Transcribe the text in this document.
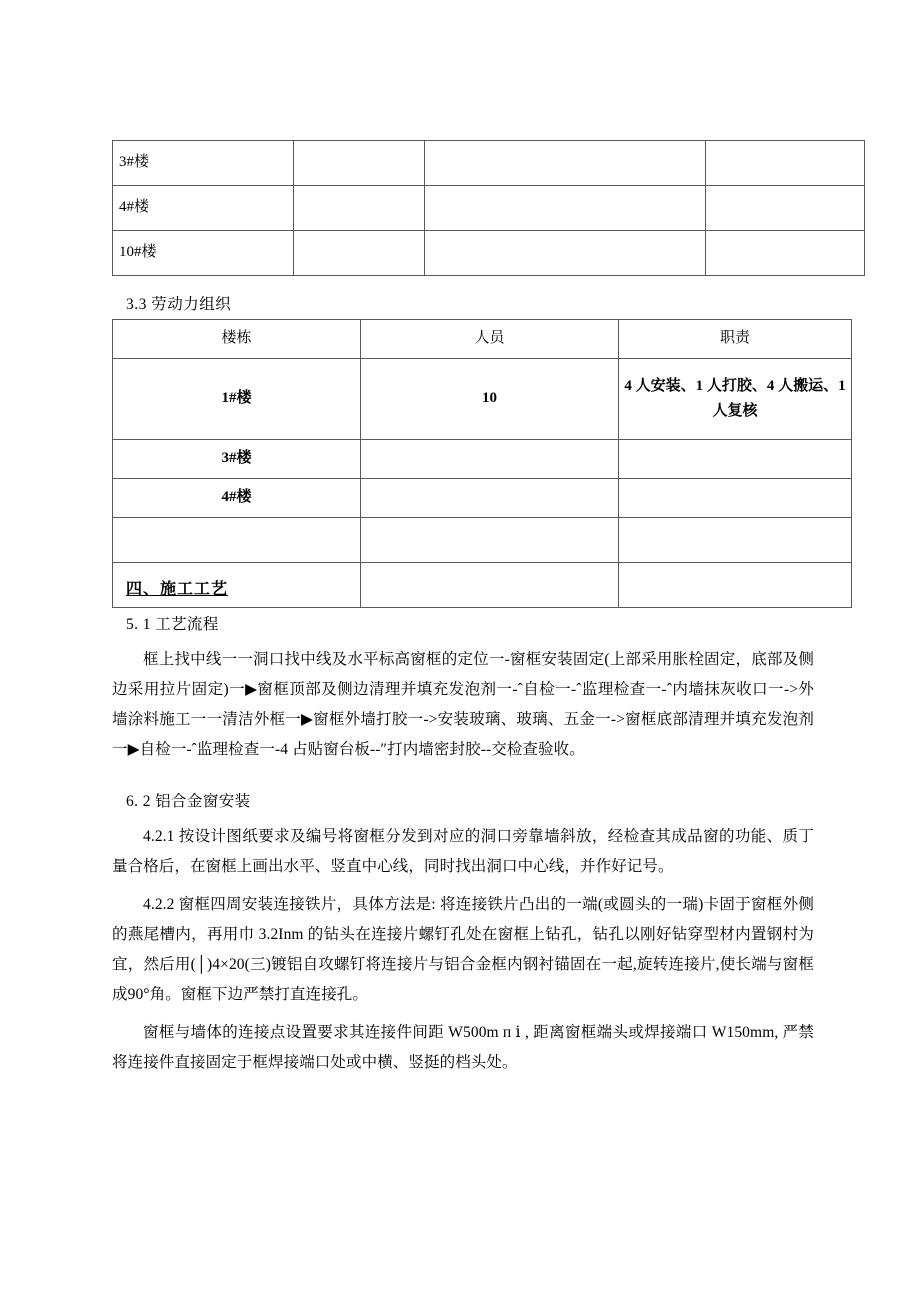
3#楼			
4#楼			
10#楼			
3.3 劳动力组织
楼栋	人员	职责
1#楼	10	4 人安装、1 人打胶、4 人搬运、1 人复核
3#楼		
4#楼		

四、施工工艺
5. 1 工艺流程
框上找中线一一洞口找中线及水平标高窗框的定位一-窗框安装固定(上部采用胀栓固定，底部及侧边采用拉片固定)一▶窗框顶部及侧边清理并填充发泡剂一-ˆ自检一-ˆ监理检查一-ˆ内墙抹灰收口一->外墙涂料施工一一清洁外框一▶窗框外墙打胶一->安装玻璃、玻璃、五金一->窗框底部清理并填充发泡剂一▶自检一-ˆ监理检查一-4 占贴窗台板--″打内墙密封胶--交检查验收。
6. 2 铝合金窗安装
4.2.1 按设计图纸要求及编号将窗框分发到对应的洞口旁靠墙斜放，经检查其成品窗的功能、质丁量合格后，在窗框上画出水平、竖直中心线，同时找出洞口中心线，并作好记号。
4.2.2 窗框四周安装连接铁片，具体方法是: 将连接铁片凸出的一端(或圆头的一瑞)卡固于窗框外侧的燕尾槽内，再用巾 3.2Inm 的钻头在连接片螺钉孔处在窗框上钻孔，钻孔以刚好钻穿型材内置钢村为宜，然后用(│)4×20(三)镀铝自攻螺钉将连接片与铝合金框内钢衬锚固在一起,旋转连接片,使长端与窗框成90°角。窗框下边严禁打直连接孔。
窗框与墙体的连接点设置要求其连接件间距 W500m ᴨ ⅰ , 距离窗框端头或焊接端口 W150mm, 严禁将连接件直接固定于框焊接端口处或中横、竖挺的档头处。
